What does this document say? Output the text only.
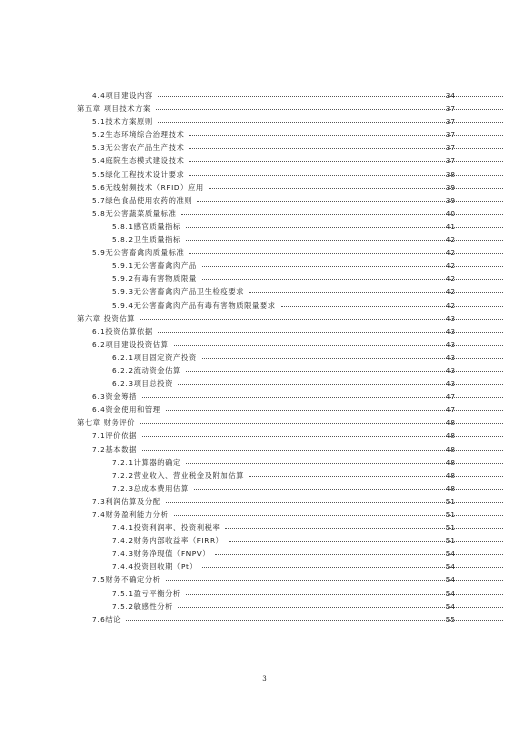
4.4项目建设内容	34
第五章 项目技术方案	37
5.1技术方案原则	37
5.2生态环境综合治理技术	37
5.3无公害农产品生产技术	37
5.4庭院生态模式建设技术	37
5.5绿化工程技术设计要求	38
5.6无线射频技术（RFID）应用	39
5.7绿色食品使用农药的准则	39
5.8无公害蔬菜质量标准	40
5.8.1感官质量指标	41
5.8.2卫生质量指标	42
5.9无公害畜禽肉质量标准	42
5.9.1无公害畜禽肉产品	42
5.9.2有毒有害物质限量	42
5.9.3无公害畜禽肉产品卫生检疫要求	42
5.9.4无公害畜禽肉产品有毒有害物质限量要求	42
第六章 投资估算	43
6.1投资估算依据	43
6.2项目建设投资估算	43
6.2.1项目固定资产投资	43
6.2.2流动资金估算	43
6.2.3项目总投资	43
6.3资金筹措	47
6.4资金使用和管理	47
第七章 财务评价	48
7.1评价依据	48
7.2基本数据	48
7.2.1计算器的确定	48
7.2.2营业收入、营业税金及附加估算	48
7.2.3总成本费用估算	48
7.3利润估算及分配	51
7.4财务盈利能力分析	51
7.4.1投资利润率、投资利税率	51
7.4.2财务内部收益率（FIRR）	51
7.4.3财务净现值（FNPV）	54
7.4.4投资回收期（Pt）	54
7.5财务不确定分析	54
7.5.1盈亏平衡分析	54
7.5.2敏感性分析	54
7.6结论	55
3
